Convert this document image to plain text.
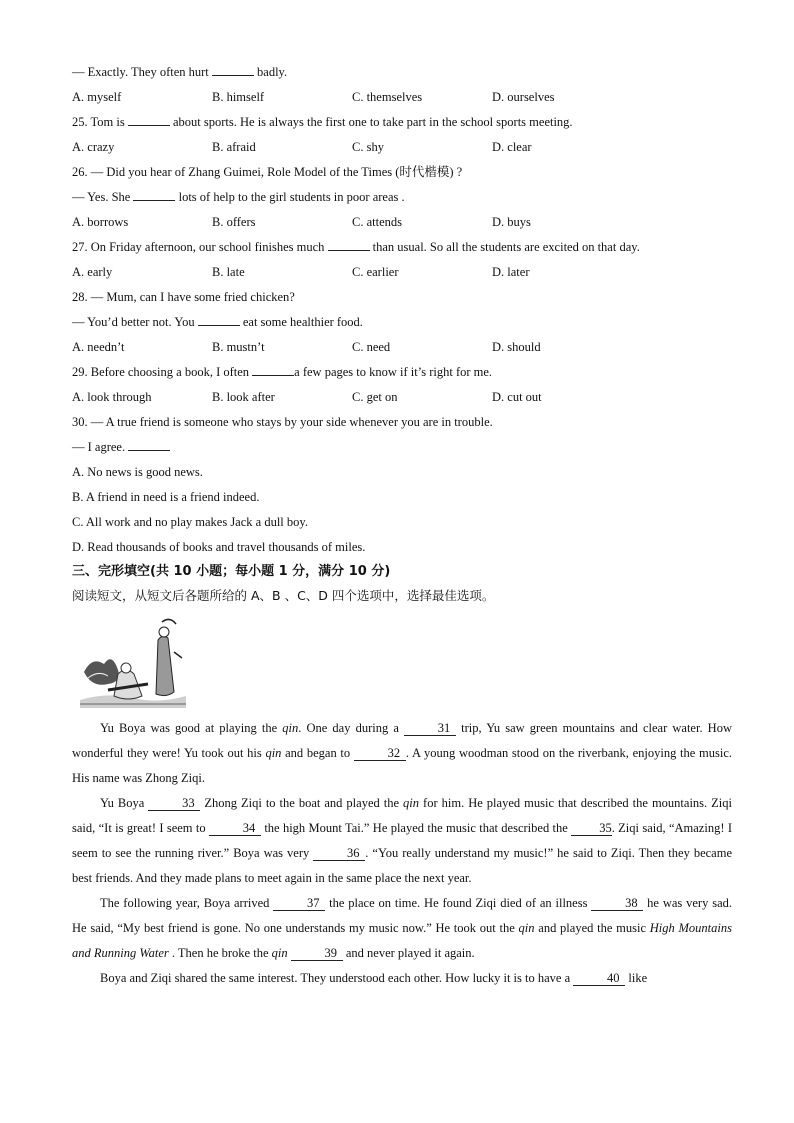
— Exactly. They often hurt	badly.
A. myself	B. himself	C. themselves	D. ourselves
25. Tom is	about sports. He is always the first one to take part in the school sports meeting.
A. crazy	B. afraid	C. shy	D. clear
26. — Did you hear of Zhang Guimei, Role Model of the Times (时代楷模) ?
— Yes. She	lots of help to the girl students in poor areas .
A. borrows	B. offers	C. attends	D. buys
27. On Friday afternoon, our school finishes much	than usual. So all the students are excited on that day.
A. early	B. late	C. earlier	D. later
28. — Mum, can I have some fried chicken?
— You’d better not. You	eat some healthier food.
A. needn’t	B. mustn’t	C. need	D. should
29. Before choosing a book, I often	a few pages to know if it’s right for me.
A. look through	B. look after	C. get on	D. cut out
30. — A true friend is someone who stays by your side whenever you are in trouble.
— I agree.
A. No news is good news.
B. A friend in need is a friend indeed.
C. All work and no play makes Jack a dull boy.
D. Read thousands of books and travel thousands of miles.
三、完形填空(共 10 小题；每小题 1 分，满分 10 分)
阅读短文，从短文后各题所给的 A、B 、C、D 四个选项中，选择最佳选项。
Yu Boya was good at playing the qin. One day during a	31 trip, Yu saw green mountains and clear water. How wonderful they were! Yu took out his qin and began to	32 . A young woodman stood on the riverbank, enjoying the music. His name was Zhong Ziqi.
Yu Boya	33 Zhong Ziqi to the boat and played the qin for him. He played music that described the mountains. Ziqi said, “It is great! I seem to	34 the high Mount Tai.” He played the music that described the 35. Ziqi said, “Amazing! I seem to see the running river.” Boya was very	36 . “You really understand my music!” he said to Ziqi. Then they became best friends. And they made plans to meet again in the same place the next year.
The following year, Boya arrived	37 the place on time. He found Ziqi died of an illness	38 he was very sad. He said, “My best friend is gone. No one understands my music now.” He took out the qin and played the music High Mountains and Running Water . Then he broke the qin	39 and never played it again.
Boya and Ziqi shared the same interest. They understood each other. How lucky it is to have a	40 like
